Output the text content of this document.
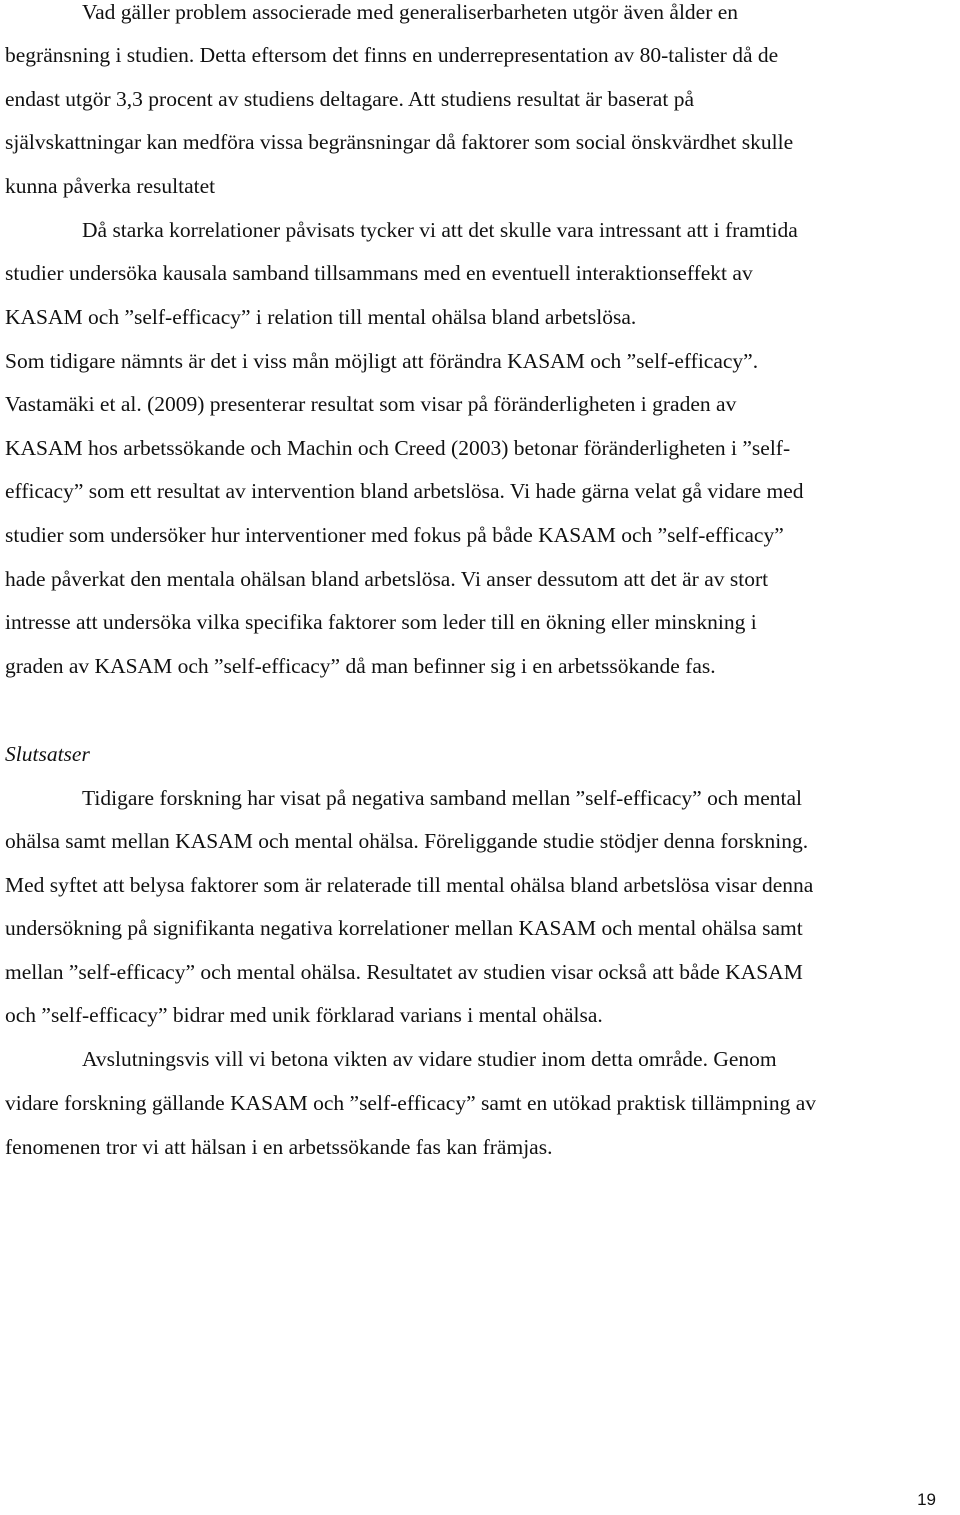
Vad gäller problem associerade med generaliserbarheten utgör även ålder en
begränsning i studien. Detta eftersom det finns en underrepresentation av 80-talister då de
endast utgör 3,3 procent av studiens deltagare. Att studiens resultat är baserat på
självskattningar kan medföra vissa begränsningar då faktorer som social önskvärdhet skulle
kunna påverka resultatet
Då starka korrelationer påvisats tycker vi att det skulle vara intressant att i framtida
studier undersöka kausala samband tillsammans med en eventuell interaktionseffekt av
KASAM och ”self-efficacy” i relation till mental ohälsa bland arbetslösa.
Som tidigare nämnts är det i viss mån möjligt att förändra KASAM och ”self-efficacy”.
Vastamäki et al. (2009) presenterar resultat som visar på föränderligheten i graden av
KASAM hos arbetssökande och Machin och Creed (2003) betonar föränderligheten i ”self-
efficacy” som ett resultat av intervention bland arbetslösa. Vi hade gärna velat gå vidare med
studier som undersöker hur interventioner med fokus på både KASAM och ”self-efficacy”
hade påverkat den mentala ohälsan bland arbetslösa. Vi anser dessutom att det är av stort
intresse att undersöka vilka specifika faktorer som leder till en ökning eller minskning i
graden av KASAM och ”self-efficacy” då man befinner sig i en arbetssökande fas.
Slutsatser
Tidigare forskning har visat på negativa samband mellan ”self-efficacy” och mental
ohälsa samt mellan KASAM och mental ohälsa. Föreliggande studie stödjer denna forskning.
Med syftet att belysa faktorer som är relaterade till mental ohälsa bland arbetslösa visar denna
undersökning på signifikanta negativa korrelationer mellan KASAM och mental ohälsa samt
mellan ”self-efficacy” och mental ohälsa. Resultatet av studien visar också att både KASAM
och ”self-efficacy” bidrar med unik förklarad varians i mental ohälsa.
Avslutningsvis vill vi betona vikten av vidare studier inom detta område. Genom
vidare forskning gällande KASAM och ”self-efficacy” samt en utökad praktisk tillämpning av
fenomenen tror vi att hälsan i en arbetssökande fas kan främjas.
19
